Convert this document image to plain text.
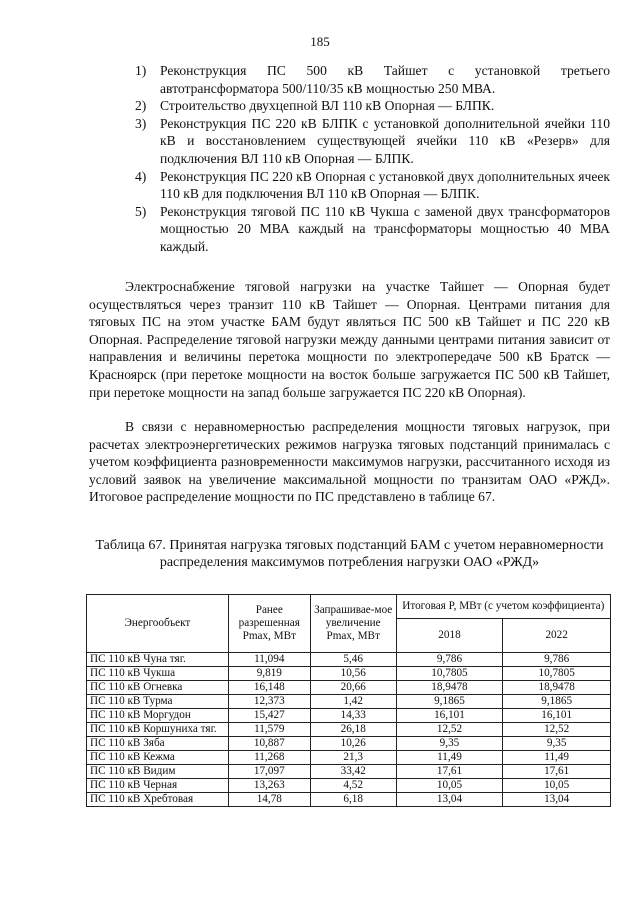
185
1) Реконструкция ПС 500 кВ Тайшет с установкой третьего автотрансформатора 500/110/35 кВ мощностью 250 МВА.
2) Строительство двухцепной ВЛ 110 кВ Опорная — БЛПК.
3) Реконструкция ПС 220 кВ БЛПК с установкой дополнительной ячейки 110 кВ и восстановлением существующей ячейки 110 кВ «Резерв» для подключения ВЛ 110 кВ Опорная — БЛПК.
4) Реконструкция ПС 220 кВ Опорная с установкой двух дополнительных ячеек 110 кВ для подключения ВЛ 110 кВ Опорная — БЛПК.
5) Реконструкция тяговой ПС 110 кВ Чукша с заменой двух трансформаторов мощностью 20 МВА каждый на трансформаторы мощностью 40 МВА каждый.

Электроснабжение тяговой нагрузки на участке Тайшет — Опорная будет осуществляться через транзит 110 кВ Тайшет — Опорная. Центрами питания для тяговых ПС на этом участке БАМ будут являться ПС 500 кВ Тайшет и ПС 220 кВ Опорная. Распределение тяговой нагрузки между данными центрами питания зависит от направления и величины перетока мощности по электропередаче 500 кВ Братск — Красноярск (при перетоке мощности на восток больше загружается ПС 500 кВ Тайшет, при перетоке мощности на запад больше загружается ПС 220 кВ Опорная).

В связи с неравномерностью распределения мощности тяговых нагрузок, при расчетах электроэнергетических режимов нагрузка тяговых подстанций принималась с учетом коэффициента разновременности максимумов нагрузки, рассчитанного исходя из условий заявок на увеличение максимальной мощности по транзитам ОАО «РЖД». Итоговое распределение мощности по ПС представлено в таблице 67.

Таблица 67. Принятая нагрузка тяговых подстанций БАМ с учетом неравномерности распределения максимумов потребления нагрузки ОАО «РЖД»
Энергообъект	Ранее разрешенная Pmax, МВт	Запрашивае-мое увеличение Pmax, МВт	Итоговая P, МВт (с учетом коэффициента)	
			2018	2022
ПС 110 кВ Чуна тяг.	11,094	5,46	9,786	9,786
ПС 110 кВ Чукша	9,819	10,56	10,7805	10,7805
ПС 110 кВ Огневка	16,148	20,66	18,9478	18,9478
ПС 110 кВ Турма	12,373	1,42	9,1865	9,1865
ПС 110 кВ Моргудон	15,427	14,33	16,101	16,101
ПС 110 кВ Коршуниха тяг.	11,579	26,18	12,52	12,52
ПС 110 кВ Зяба	10,887	10,26	9,35	9,35
ПС 110 кВ Кежма	11,268	21,3	11,49	11,49
ПС 110 кВ Видим	17,097	33,42	17,61	17,61
ПС 110 кВ Черная	13,263	4,52	10,05	10,05
ПС 110 кВ Хребтовая	14,78	6,18	13,04	13,04
